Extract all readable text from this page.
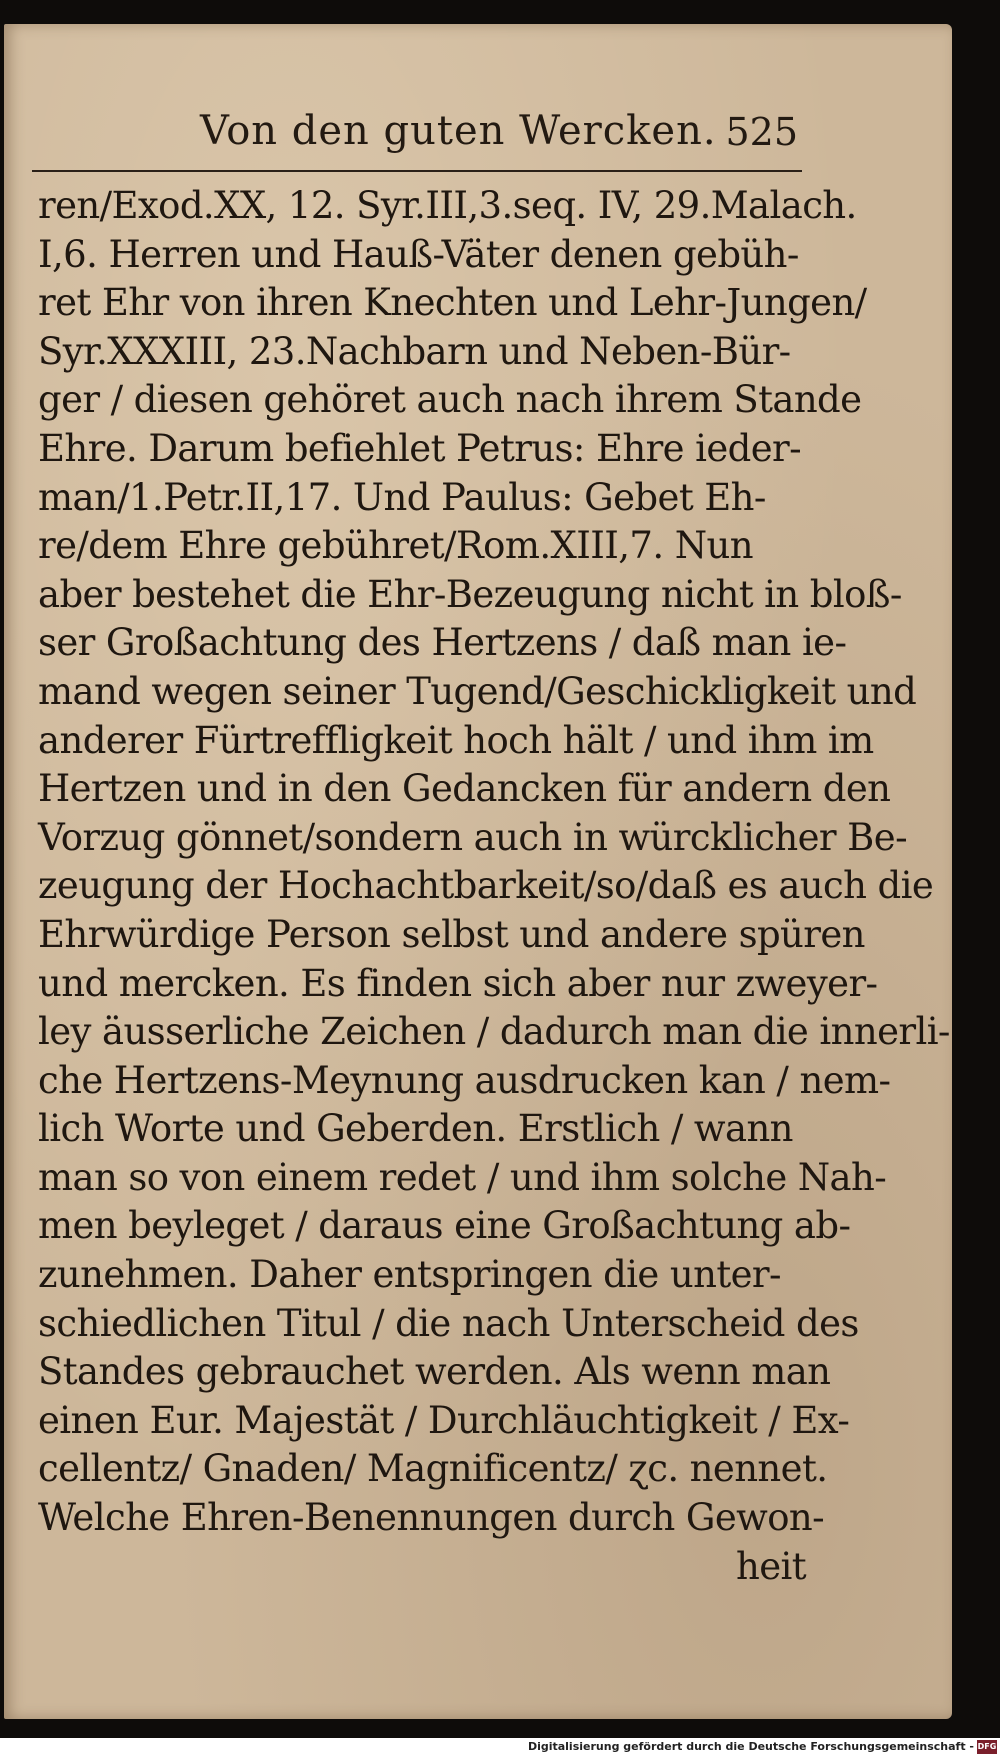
Von den guten Wercken. 525
ren/Exod.XX, 12. Syr.III,3.seq. IV, 29.Malach.
I,6. Herren und Hauß-Väter denen gebüh-
ret Ehr von ihren Knechten und Lehr-Jungen/
Syr.XXXIII, 23.Nachbarn und Neben-Bür-
ger / diesen gehöret auch nach ihrem Stande
Ehre. Darum befiehlet Petrus: Ehre ieder-
man/1.Petr.II,17. Und Paulus: Gebet Eh-
re/dem Ehre gebühret/Rom.XIII,7. Nun
aber bestehet die Ehr-Bezeugung nicht in bloß-
ser Großachtung des Hertzens / daß man ie-
mand wegen seiner Tugend/Geschickligkeit und
anderer Fürtreffligkeit hoch hält / und ihm im
Hertzen und in den Gedancken für andern den
Vorzug gönnet/sondern auch in würcklicher Be-
zeugung der Hochachtbarkeit/so/daß es auch die
Ehrwürdige Person selbst und andere spüren
und mercken. Es finden sich aber nur zweyer-
ley äusserliche Zeichen / dadurch man die innerli-
che Hertzens-Meynung ausdrucken kan / nem-
lich Worte und Geberden. Erstlich / wann
man so von einem redet / und ihm solche Nah-
men beyleget / daraus eine Großachtung ab-
zunehmen. Daher entspringen die unter-
schiedlichen Titul / die nach Unterscheid des
Standes gebrauchet werden. Als wenn man
einen Eur. Majestät / Durchläuchtigkeit / Ex-
cellentz/ Gnaden/ Magnificentz/ ɀc. nennet.
Welche Ehren-Benennungen durch Gewon-
heit
Digitalisierung gefördert durch die Deutsche Forschungsgemeinschaft - DFG
